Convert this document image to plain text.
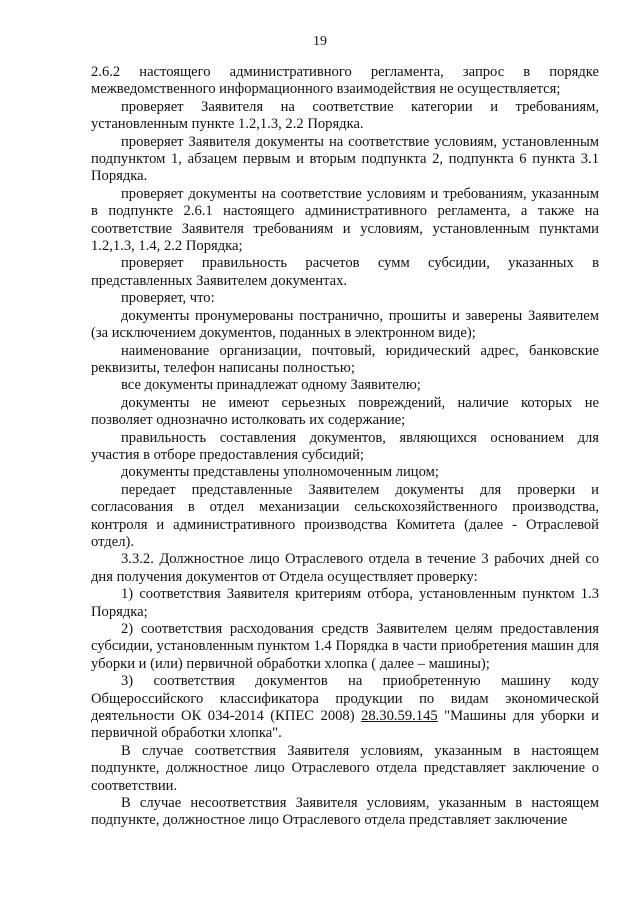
19

2.6.2 настоящего административного регламента, запрос в порядке межведомственного информационного взаимодействия не осуществляется;

проверяет Заявителя на соответствие категории и требованиям, установленным пункте 1.2,1.3, 2.2 Порядка.

проверяет Заявителя документы на соответствие условиям, установленным подпунктом 1, абзацем первым и вторым подпункта 2, подпункта 6 пункта 3.1 Порядка.

проверяет документы на соответствие условиям и требованиям, указанным в подпункте 2.6.1 настоящего административного регламента, а также на соответствие Заявителя требованиям и условиям, установленным пунктами 1.2,1.3, 1.4, 2.2 Порядка;

проверяет правильность расчетов сумм субсидии, указанных в представленных Заявителем документах.

проверяет, что:

документы пронумерованы постранично, прошиты и заверены Заявителем (за исключением документов, поданных в электронном виде);

наименование организации, почтовый, юридический адрес, банковские реквизиты, телефон написаны полностью;

все документы принадлежат одному Заявителю;

документы не имеют серьезных повреждений, наличие которых не позволяет однозначно истолковать их содержание;

правильность составления документов, являющихся основанием для участия в отборе предоставления субсидий;

документы представлены уполномоченным лицом;

передает представленные Заявителем документы для проверки и согласования в отдел механизации сельскохозяйственного производства, контроля и административного производства Комитета (далее - Отраслевой отдел).

3.3.2. Должностное лицо Отраслевого отдела в течение 3 рабочих дней со дня получения документов от Отдела осуществляет проверку:

1) соответствия Заявителя критериям отбора, установленным пунктом 1.3 Порядка;

2) соответствия расходования средств Заявителем целям предоставления субсидии, установленным пунктом 1.4 Порядка в части приобретения машин для уборки и (или) первичной обработки хлопка ( далее – машины);

3) соответствия документов на приобретенную машину коду Общероссийского классификатора продукции по видам экономической деятельности ОК 034-2014 (КПЕС 2008) 28.30.59.145 "Машины для уборки и первичной обработки хлопка".

В случае соответствия Заявителя условиям, указанным в настоящем подпункте, должностное лицо Отраслевого отдела представляет заключение о соответствии.

В случае несоответствия Заявителя условиям, указанным в настоящем подпункте, должностное лицо Отраслевого отдела представляет заключение
